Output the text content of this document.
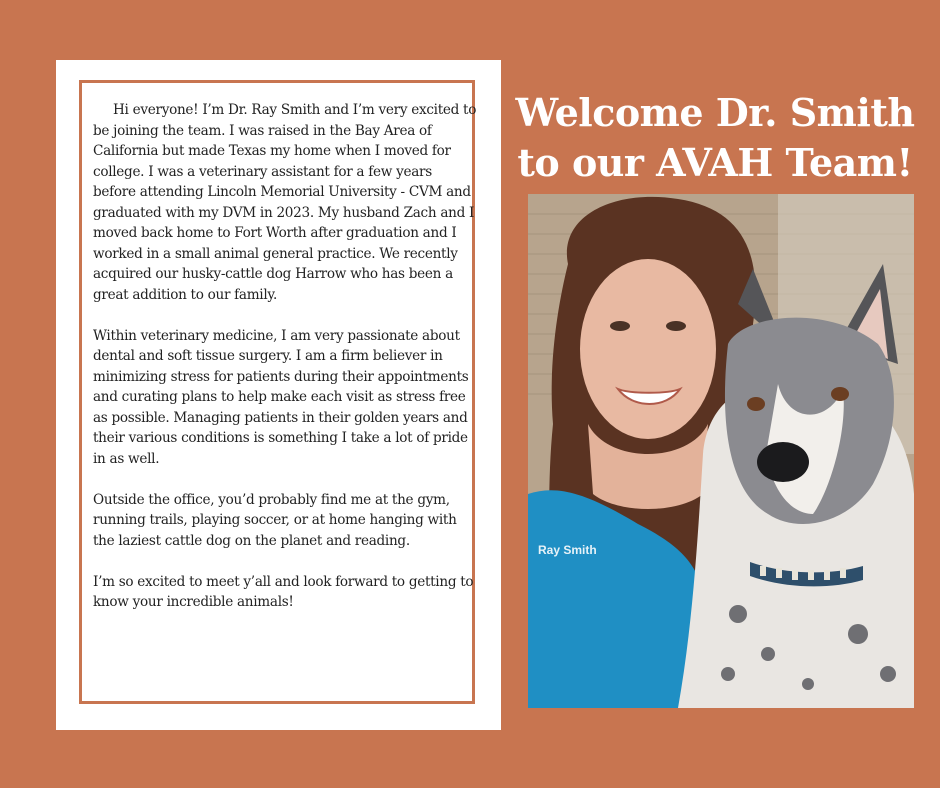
Hi everyone! I’m Dr. Ray Smith and I’m very excited to be joining the team. I was raised in the Bay Area of California but made Texas my home when I moved for college. I was a veterinary assistant for a few years before attending Lincoln Memorial University - CVM and graduated with my DVM in 2023. My husband Zach and I moved back home to Fort Worth after graduation and I worked in a small animal general practice. We recently acquired our husky-cattle dog Harrow who has been a great addition to our family.

Within veterinary medicine, I am very passionate about dental and soft tissue surgery. I am a firm believer in minimizing stress for patients during their appointments and curating plans to help make each visit as stress free as possible. Managing patients in their golden years and their various conditions is something I take a lot of pride in as well.

Outside the office, you’d probably find me at the gym, running trails, playing soccer, or at home hanging with the laziest cattle dog on the planet and reading.

I’m so excited to meet y’all and look forward to getting to know your incredible animals!

Welcome Dr. Smith
to our AVAH Team!
Ray Smith
